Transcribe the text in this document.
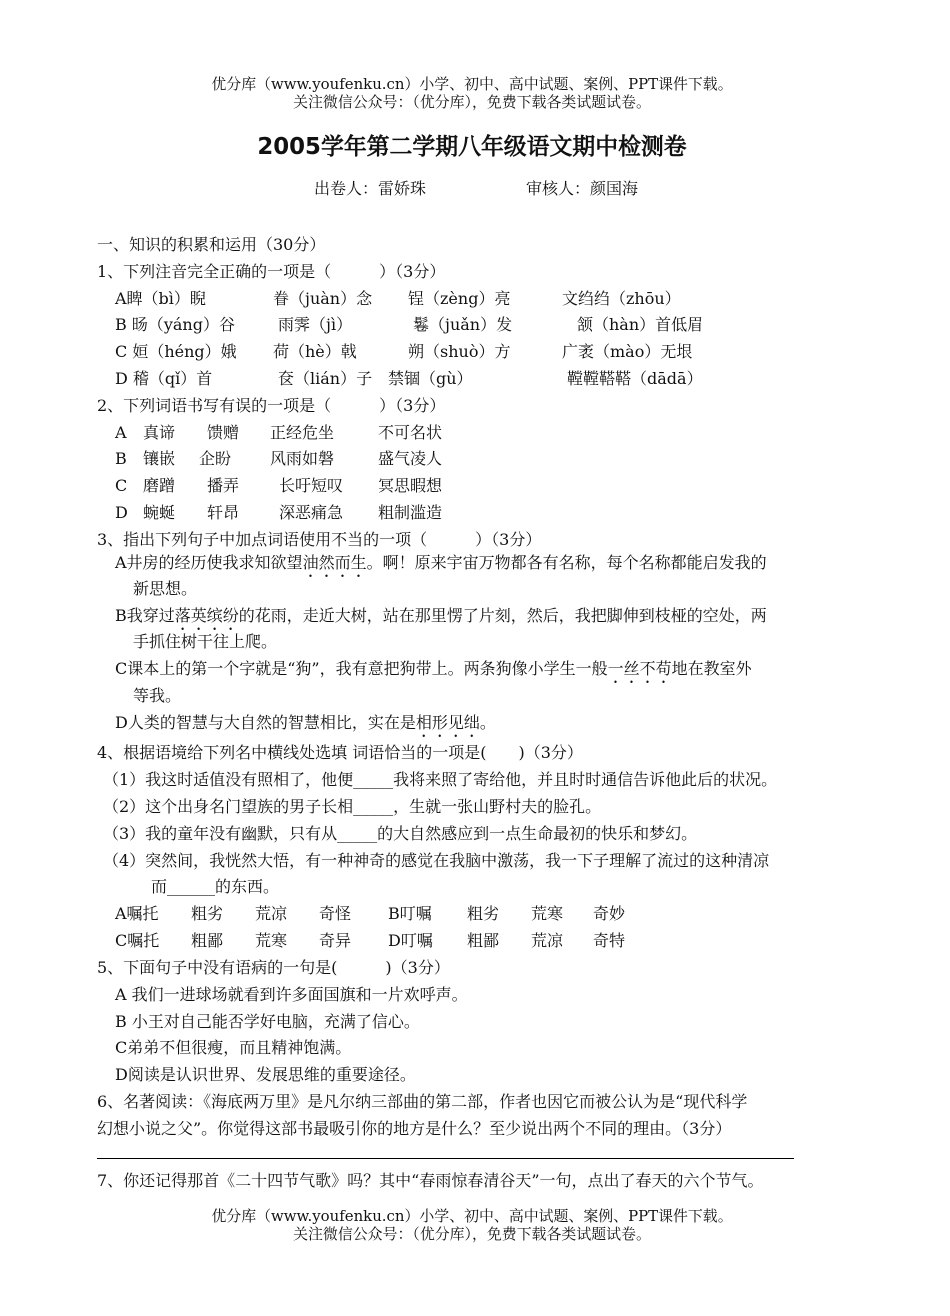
优分库（www.youfenku.cn）小学、初中、高中试题、案例、PPT课件下载。
关注微信公众号：（优分库），免费下载各类试题试卷。
2005学年第二学期八年级语文期中检测卷
出卷人：雷娇珠	审核人：颜国海
一、知识的积累和运用（30分）
1、下列注音完全正确的一项是（　　　）（3分）
A睥（bì）睨	眷（juàn）念 锃（zèng）亮	文绉绉（zhōu）
B 旸（yáng）谷	雨霁（jì）	鬈（juǎn）发	颔（hàn）首低眉
C 姮（héng）娥 荷（hè）戟	朔（shuò）方	广袤（mào）无垠
D 稽（qǐ）首	奁（lián）子 禁锢（gù）	鞺鞺鞳鞳（dādā）
2、下列词语书写有误的一项是（　　　）（3分）
A 真谛 馈赠 正经危坐	不可名状
B 镶嵌 企盼 风雨如磐	盛气凌人
C 磨蹭 播弄 长吁短叹 冥思暇想
D 蜿蜒 轩昂 深恶痛急 粗制滥造
3、指出下列句子中加点词语使用不当的一项（　　　）（3分）
A井房的经历使我求知欲望油然而生。啊！原来宇宙万物都各有名称，每个名称都能启发我的
新思想。
B我穿过落英缤纷的花雨，走近大树，站在那里愣了片刻，然后，我把脚伸到枝桠的空处，两
手抓住树干往上爬。
C课本上的第一个字就是“狗”，我有意把狗带上。两条狗像小学生一般一丝不苟地在教室外
等我。
D人类的智慧与大自然的智慧相比，实在是相形见绌。
4、根据语境给下列名中横线处选填 词语恰当的一项是(　　)（3分）
（1）我这时适值没有照相了，他便_____我将来照了寄给他，并且时时通信告诉他此后的状况。
（2）这个出身名门望族的男子长相_____，生就一张山野村夫的脸孔。
（3）我的童年没有幽默，只有从_____的大自然感应到一点生命最初的快乐和梦幻。
（4）突然间，我恍然大悟，有一种神奇的感觉在我脑中激荡，我一下子理解了流过的这种清凉
而______的东西。
A嘱托 粗劣 荒凉 奇怪 B叮嘱 粗劣 荒寒 奇妙
C嘱托 粗鄙 荒寒 奇异 D叮嘱 粗鄙 荒凉 奇特
5、下面句子中没有语病的一句是(　　　)（3分）
A 我们一进球场就看到许多面国旗和一片欢呼声。
B 小王对自己能否学好电脑，充满了信心。
C弟弟不但很瘦，而且精神饱满。
D阅读是认识世界、发展思维的重要途径。
6、名著阅读：《海底两万里》是凡尔纳三部曲的第二部，作者也因它而被公认为是“现代科学
幻想小说之父”。你觉得这部书最吸引你的地方是什么？至少说出两个不同的理由。（3分）
7、你还记得那首《二十四节气歌》吗？其中“春雨惊春清谷天”一句，点出了春天的六个节气。
优分库（www.youfenku.cn）小学、初中、高中试题、案例、PPT课件下载。
关注微信公众号：（优分库），免费下载各类试题试卷。
